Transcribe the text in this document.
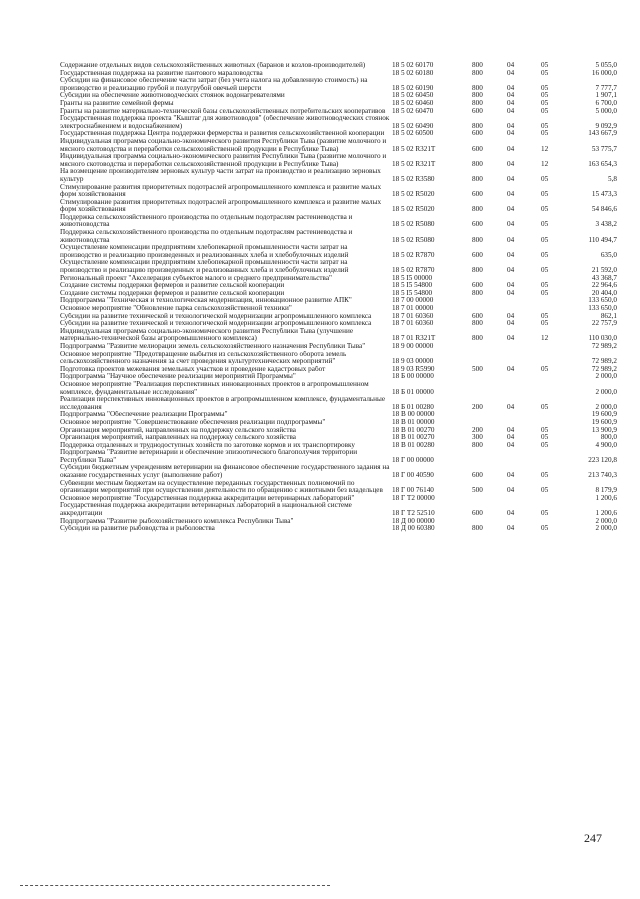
Содержание отдельных видов сельскохозяйственных животных (баранов и козлов-производителей)	18 5 02 60170	800	04	05	5 055,0
Государственная поддержка на развитие пантового мараловодства	18 5 02 60180	800	04	05	16 000,0
Субсидии на финансовое обеспечение части затрат (без учета налога на добавленную стоимость) на производство и реализацию грубой и полугрубой овечьей шерсти	18 5 02 60190	800	04	05	7 777,7
Субсидии на обеспечение животноводческих стоянок водонагревателями	18 5 02 60450	800	04	05	1 907,1
Гранты на развитие семейной фермы	18 5 02 60460	800	04	05	6 700,0
Гранты на развитие материально-технической базы сельскохозяйственных потребительских кооперативов	18 5 02 60470	600	04	05	5 000,0
Государственная поддержка проекта "Кыштаг для животноводов" (обеспечение животноводческих стоянок электроснабжением и водоснабжением)	18 5 02 60490	800	04	05	9 092,9
Государственная поддержка Центра поддержки фермерства и развития сельскохозяйственной кооперации	18 5 02 60500	600	04	05	143 667,9
Индивидуальная программа социально-экономического развития Республики Тыва (развитие молочного и мясного скотоводства и переработки сельскохозяйственной продукции в Республике Тыва)	18 5 02 R321T	600	04	12	53 775,7
Индивидуальная программа социально-экономического развития Республики Тыва (развитие молочного и мясного скотоводства и переработки сельскохозяйственной продукции в Республике Тыва)	18 5 02 R321T	800	04	12	163 654,3
На возмещение производителям зерновых культур части затрат на производство и реализацию зерновых культур	18 5 02 R3580	800	04	05	5,8
Стимулирование развития приоритетных подотраслей агропромышленного комплекса и развитие малых форм хозяйствования	18 5 02 R5020	600	04	05	15 473,3
Стимулирование развития приоритетных подотраслей агропромышленного комплекса и развитие малых форм хозяйствования	18 5 02 R5020	800	04	05	54 846,6
Поддержка сельскохозяйственного производства по отдельным подотраслям растениеводства и животноводства	18 5 02 R5080	600	04	05	3 438,2
Поддержка сельскохозяйственного производства по отдельным подотраслям растениеводства и животноводства	18 5 02 R5080	800	04	05	110 494,7
Осуществление компенсации предприятиям хлебопекарной промышленности части затрат на производство и реализацию произведенных и реализованных хлеба и хлебобулочных изделий	18 5 02 R7870	600	04	05	635,0
Осуществление компенсации предприятиям хлебопекарной промышленности части затрат на производство и реализацию произведенных и реализованных хлеба и хлебобулочных изделий	18 5 02 R7870	800	04	05	21 592,0
Региональный проект "Акселерация субъектов малого и среднего предпринимательства"	18 5 I5 00000				43 368,7
Создание системы поддержки фермеров и развитие сельской кооперации	18 5 I5 54800	600	04	05	22 964,6
Создание системы поддержки фермеров и развитие сельской кооперации	18 5 I5 54800	800	04	05	20 404,0
Подпрограмма "Техническая и технологическая модернизация, инновационное развитие АПК"	18 7 00 00000				133 650,0
Основное мероприятие "Обновление парка сельскохозяйственной техники"	18 7 01 00000				133 650,0
Субсидии на развитие технической и технологической модернизации агропромышленного комплекса	18 7 01 60360	600	04	05	862,1
Субсидии на развитие технической и технологической модернизации агропромышленного комплекса	18 7 01 60360	800	04	05	22 757,9
Индивидуальная программа социально-экономического развития Республики Тыва (улучшение материально-технической базы агропромышленного комплекса)	18 7 01 R321T	800	04	12	110 030,0
Подпрограмма "Развитие мелиорации земель сельскохозяйственного назначения Республики Тыва"	18 9 00 00000				72 989,2
Основное мероприятие "Предотвращение выбытия из сельскохозяйственного оборота земель сельскохозяйственного назначения за счет проведения культуртехнических мероприятий"	18 9 03 00000				72 989,2
Подготовка проектов межевания земельных участков и проведение кадастровых работ	18 9 03 R5990	500	04	05	72 989,2
Подпрограмма "Научное обеспечение реализации мероприятий Программы"	18 Б 00 00000				2 000,0
Основное мероприятие "Реализация перспективных инновационных проектов в агропромышленном комплексе, фундаментальные исследования"	18 Б 01 00000				2 000,0
Реализация перспективных инновационных проектов в агропромышленном комплексе, фундаментальные исследования	18 Б 01 00280	200	04	05	2 000,0
Подпрограмма "Обеспечение реализации Программы"	18 В 00 00000				19 600,9
Основное мероприятие "Совершенствование обеспечения реализации подпрограммы"	18 В 01 00000				19 600,9
Организация мероприятий, направленных на поддержку сельского хозяйства	18 В 01 00270	200	04	05	13 900,9
Организация мероприятий, направленных на поддержку сельского хозяйства	18 В 01 00270	300	04	05	800,0
Поддержка отдаленных и труднодоступных хозяйств по заготовке кормов и их транспортировку	18 В 01 00280	800	04	05	4 900,0
Подпрограмма "Развитие ветеринарии и обеспечение эпизоотического благополучия территории Республики Тыва"	18 Г 00 00000				223 120,8
Субсидии бюджетным учреждениям ветеринарии на финансовое обеспечение государственного задания на оказание государственных услуг (выполнение работ)	18 Г 00 40590	600	04	05	213 740,3
Субвенции местным бюджетам на осуществление переданных государственных полномочий по организации мероприятий при осуществлении деятельности по обращению с животными без владельцев	18 Г 00 76140	500	04	05	8 179,9
Основное мероприятие "Государственная поддержка аккредитации ветеринарных лабораторий"	18 Г Т2 00000				1 200,6
Государственная поддержка аккредитации ветеринарных лабораторий в национальной системе аккредитации	18 Г Т2 52510	600	04	05	1 200,6
Подпрограмма "Развитие рыбохозяйственного комплекса Республики Тыва"	18 Д 00 00000				2 000,0
Субсидии на развитие рыбоводства и рыболовства	18 Д 00 60380	800	04	05	2 000,0
247
